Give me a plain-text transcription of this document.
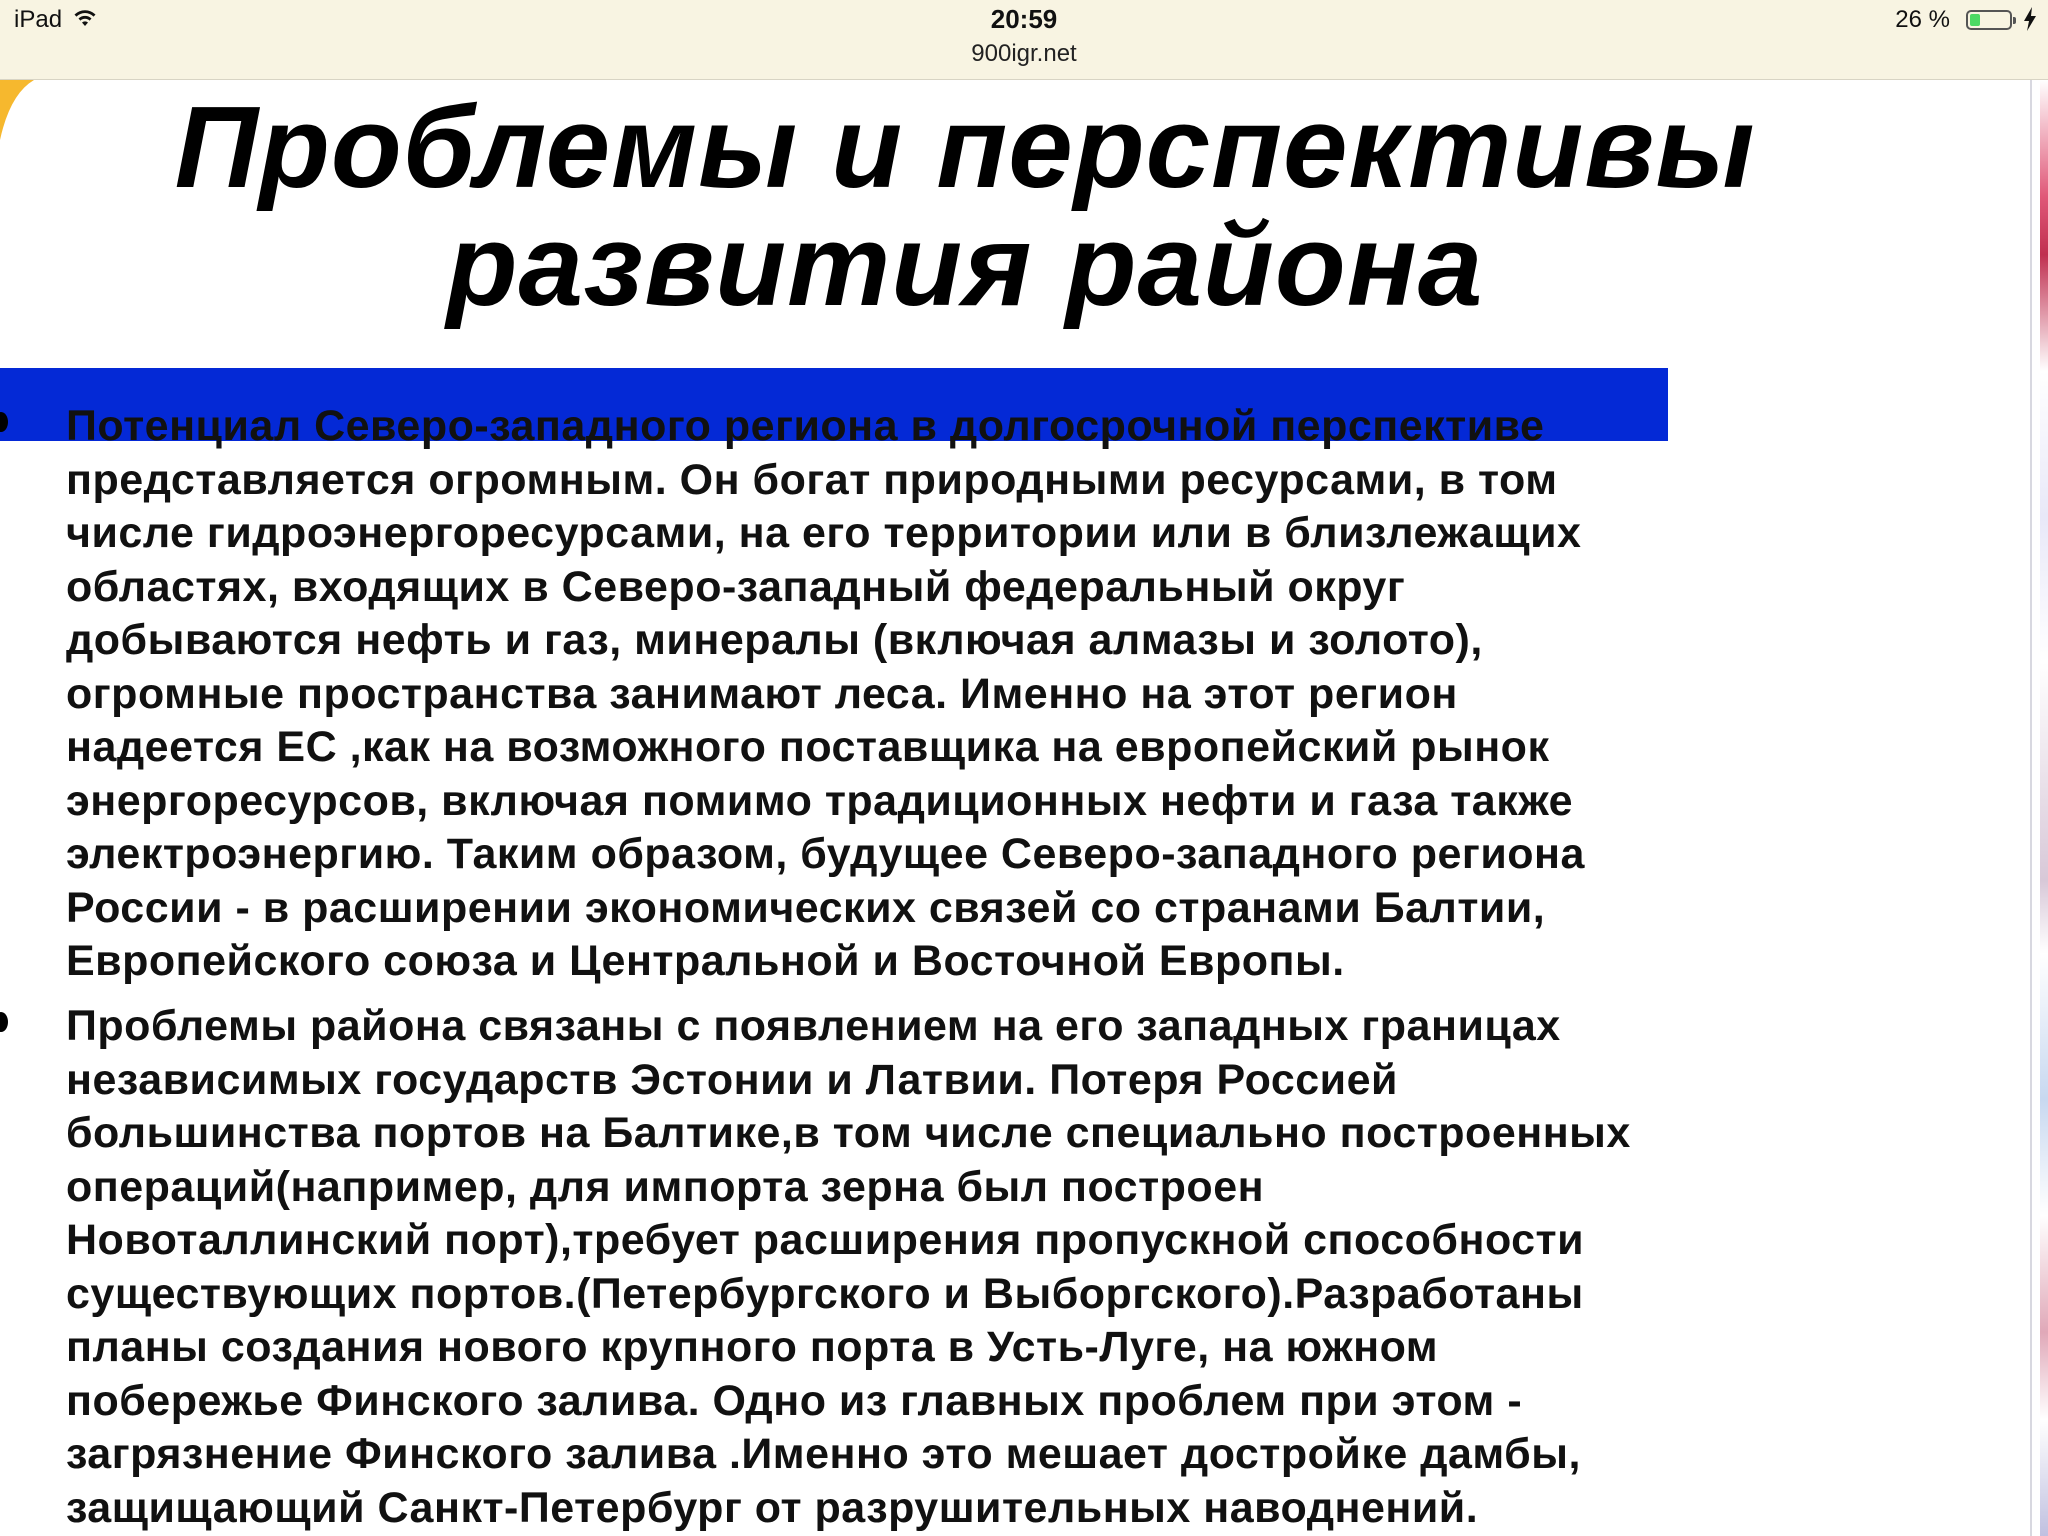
iPad	20:59
900igr.net
26 %
Проблемы и перспективы
развития района

Потенциал Северо-западного региона в долгосрочной перспективе
представляется огромным. Он богат природными ресурсами, в том
числе гидроэнергоресурсами, на его территории или в близлежащих
областях, входящих в Северо-западный федеральный округ
добываются нефть и газ, минералы (включая алмазы и золото),
огромные пространства занимают леса. Именно на этот регион
надеется ЕС ,как на возможного поставщика на европейский рынок
энергоресурсов, включая помимо традиционных нефти и газа также
электроэнергию. Таким образом, будущее Северо-западного региона
России - в расширении экономических связей со странами Балтии,
Европейского союза и Центральной и Восточной Европы.

Проблемы района связаны с появлением на его западных границах
независимых государств Эстонии и Латвии. Потеря Россией
большинства портов на Балтике,в том числе специально построенных
операций(например, для импорта зерна был построен
Новоталлинский порт),требует расширения пропускной способности
существующих портов.(Петербургского и Выборгского).Разработаны
планы создания нового крупного порта в Усть-Луге, на южном
побережье Финского залива. Одно из главных проблем при этом -
загрязнение Финского залива .Именно это мешает достройке дамбы,
защищающий Санкт-Петербург от разрушительных наводнений.
